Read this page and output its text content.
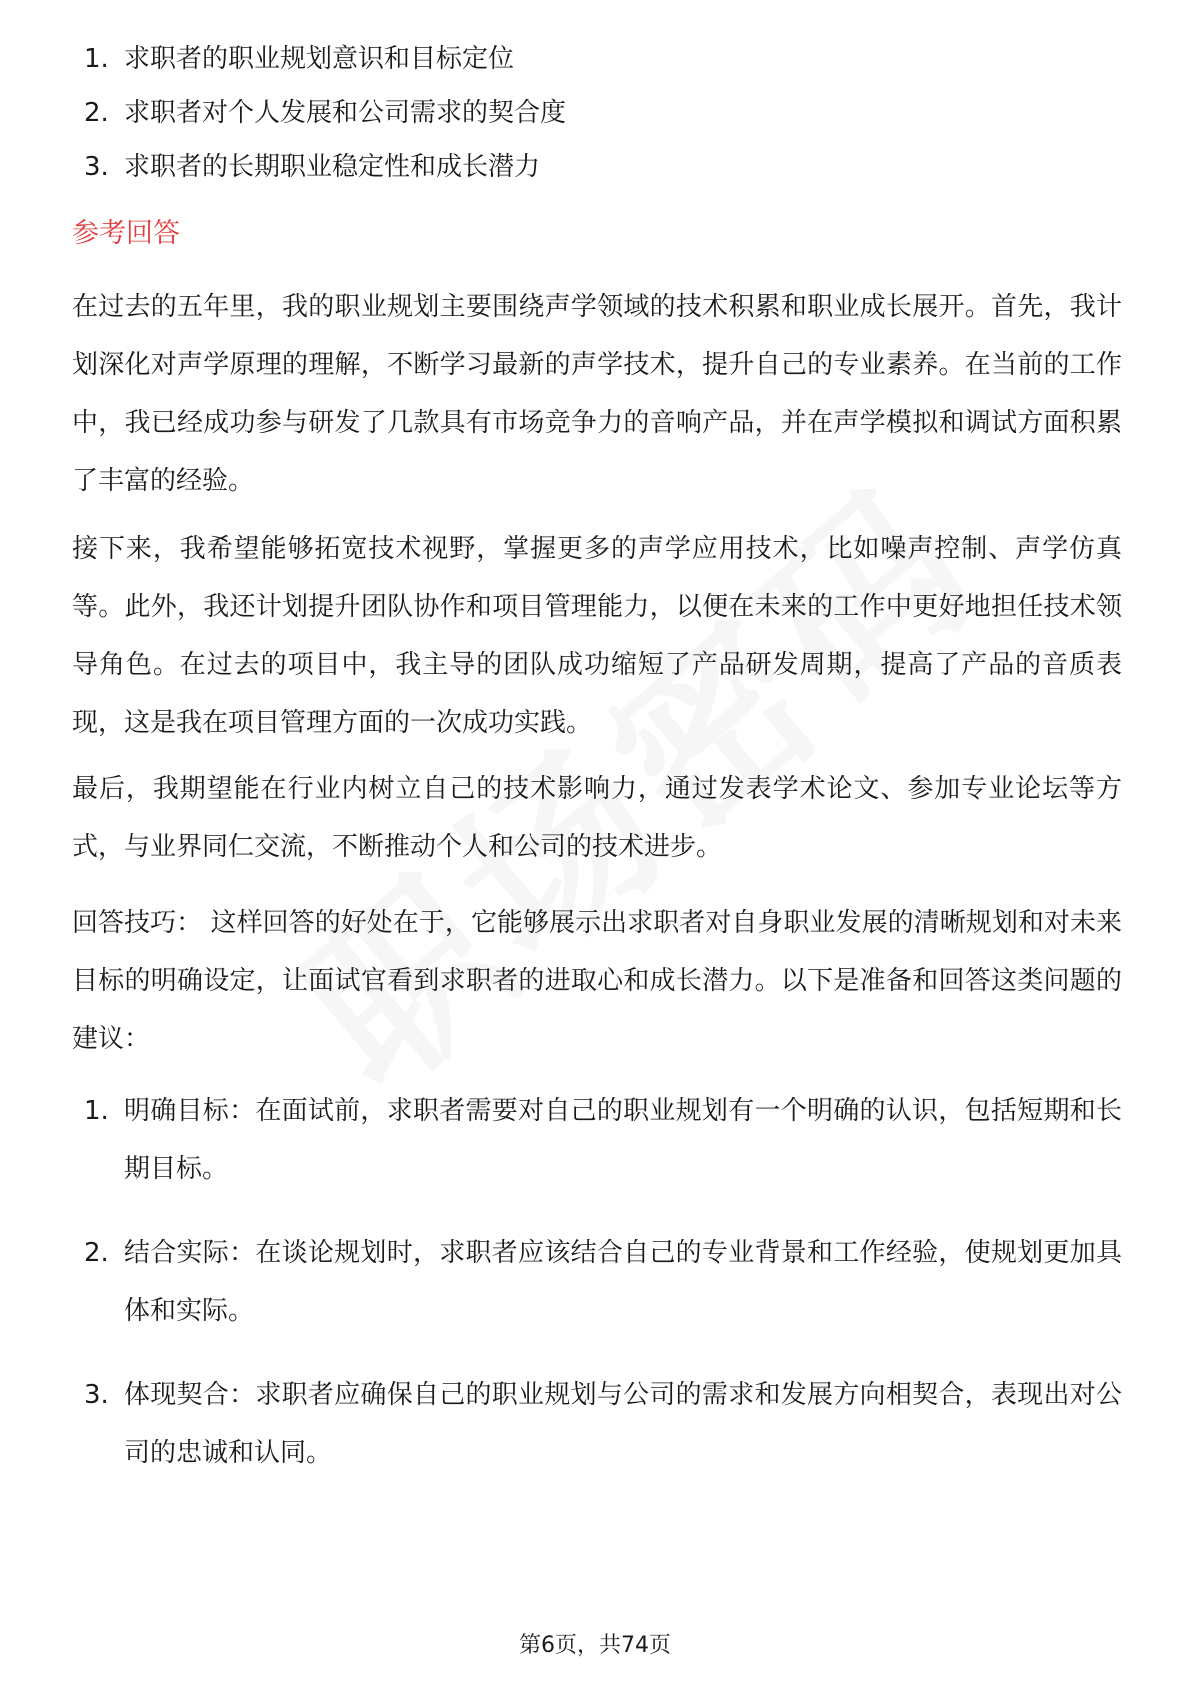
1. 求职者的职业规划意识和目标定位
2. 求职者对个人发展和公司需求的契合度
3. 求职者的长期职业稳定性和成长潜力
参考回答
在过去的五年里，我的职业规划主要围绕声学领域的技术积累和职业成长展开。首先，我计划深化对声学原理的理解，不断学习最新的声学技术，提升自己的专业素养。在当前的工作中，我已经成功参与研发了几款具有市场竞争力的音响产品，并在声学模拟和调试方面积累了丰富的经验。
接下来，我希望能够拓宽技术视野，掌握更多的声学应用技术，比如噪声控制、声学仿真等。此外，我还计划提升团队协作和项目管理能力，以便在未来的工作中更好地担任技术领导角色。在过去的项目中，我主导的团队成功缩短了产品研发周期，提高了产品的音质表现，这是我在项目管理方面的一次成功实践。
最后，我期望能在行业内树立自己的技术影响力，通过发表学术论文、参加专业论坛等方式，与业界同仁交流，不断推动个人和公司的技术进步。
回答技巧： 这样回答的好处在于，它能够展示出求职者对自身职业发展的清晰规划和对未来目标的明确设定，让面试官看到求职者的进取心和成长潜力。以下是准备和回答这类问题的建议：
1. 明确目标：在面试前，求职者需要对自己的职业规划有一个明确的认识，包括短期和长期目标。
2. 结合实际：在谈论规划时，求职者应该结合自己的专业背景和工作经验，使规划更加具体和实际。
3. 体现契合：求职者应确保自己的职业规划与公司的需求和发展方向相契合，表现出对公司的忠诚和认同。
第6页，共74页
